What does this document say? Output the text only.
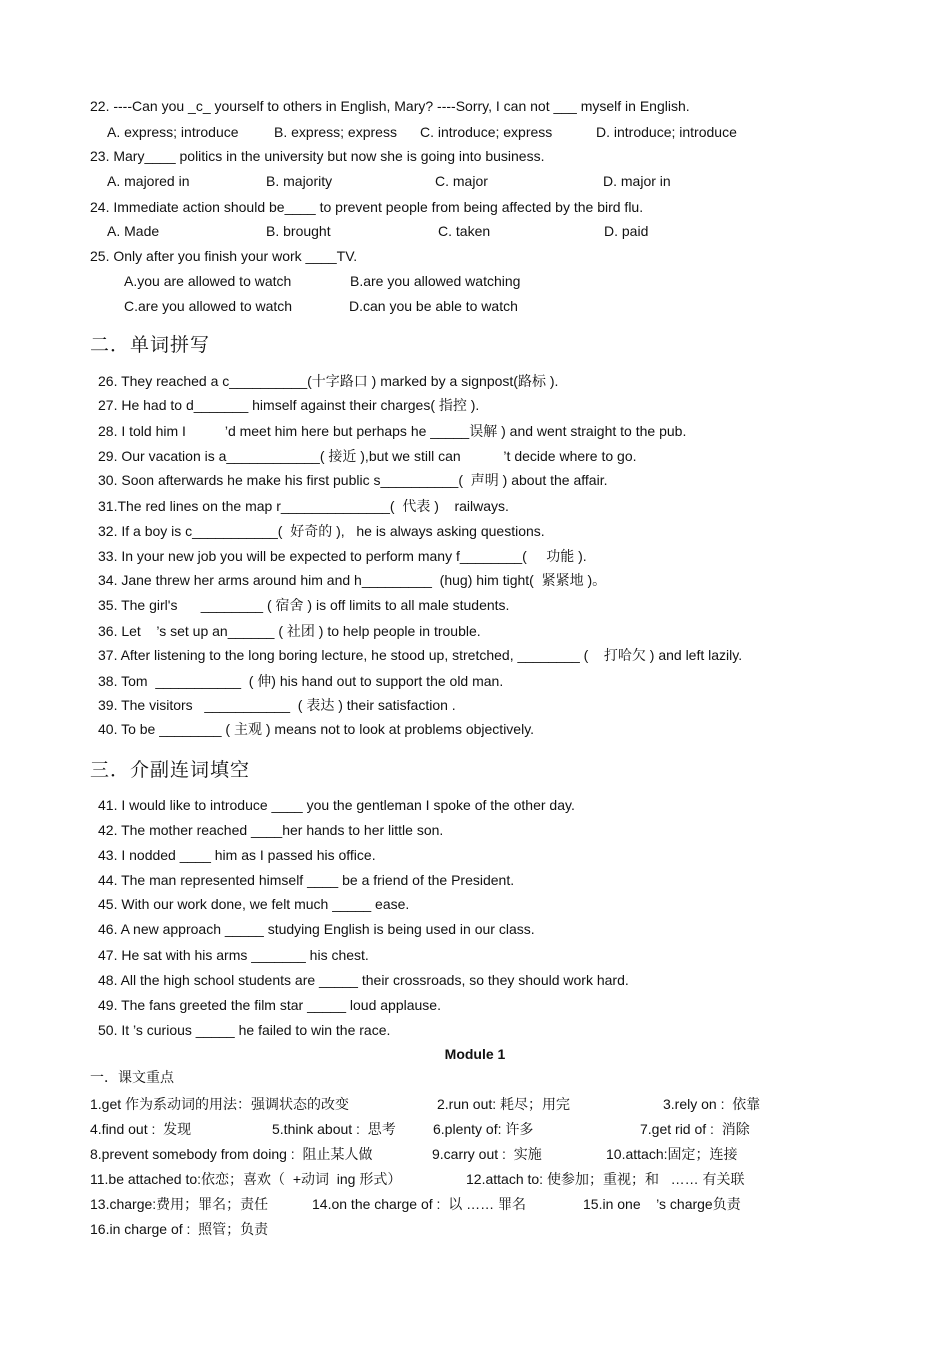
22. ----Can you _c_ yourself to others in English, Mary? ----Sorry, I can not ___ myself in English.
A. express; introduce	B. express; express C. introduce; express	D. introduce; introduce
23. Mary____ politics in the university but now she is going into business.
A. majored in	B. majority	C. major	D. major in
24. Immediate action should be____ to prevent people from being affected by the bird flu.
A. Made	B. brought	C. taken	D. paid
25. Only after you finish your work ____TV.
A.you are allowed to watch	B.are you allowed watching
C.are you allowed to watch	D.can you be able to watch
二．单词拼写
26. They reached a c__________(十字路口 ) marked by a signpost(路标 ).
27. He had to d_______ himself against their charges( 指控 ).
28. I told him I          ’d meet him here but perhaps he _____误解 ) and went straight to the pub.
29. Our vacation is a____________( 接近 ),but we still can           ’t decide where to go.
30. Soon afterwards he make his first public s__________(  声明 ) about the affair.
31.The red lines on the map r______________(  代表 )    railways.
32. If a boy is c___________(  好奇的 ),   he is always asking questions.
33. In your new job you will be expected to perform many f________(     功能 ).
34. Jane threw her arms around him and h_________  (hug) him tight(  紧紧地 )。
35. The girl's      ________ ( 宿舍 ) is off limits to all male students.
36. Let    ’s set up an______ ( 社团 ) to help people in trouble.
37. After listening to the long boring lecture, he stood up, stretched, ________ (    打哈欠 ) and left lazily.
38. Tom  ___________  ( 伸) his hand out to support the old man.
39. The visitors   ___________  ( 表达 ) their satisfaction .
40. To be ________ ( 主观 ) means not to look at problems objectively.
三．介副连词填空
41. I would like to introduce ____ you the gentleman I spoke of the other day.
42. The mother reached ____her hands to her little son.
43. I nodded ____ him as I passed his office.
44. The man represented himself ____ be a friend of the President.
45. With our work done, we felt much _____ ease.
46. A new approach _____ studying English is being used in our class.
47. He sat with his arms _______ his chest.
48. All the high school students are _____ their crossroads, so they should work hard.
49. The fans greeted the film star _____ loud applause.
50. It ’s curious _____ he failed to win the race.
Module 1
一．课文重点
1.get 作为系动词的用法：强调状态的改变	2.run out: 耗尽；用完	3.rely on :  依靠
4.find out :  发现	5.think about :  思考	6.plenty of: 许多	7.get rid of :  消除
8.prevent somebody from doing :  阻止某人做	9.carry out :  实施	10.attach:固定；连接
11.be attached to:依恋；喜欢（  +动词  ing 形式）	12.attach to: 使参加；重视；和   …… 有关联
13.charge:费用；罪名；责任	14.on the charge of :  以 …… 罪名	15.in one    ’s charge负责
16.in charge of :  照管；负责
